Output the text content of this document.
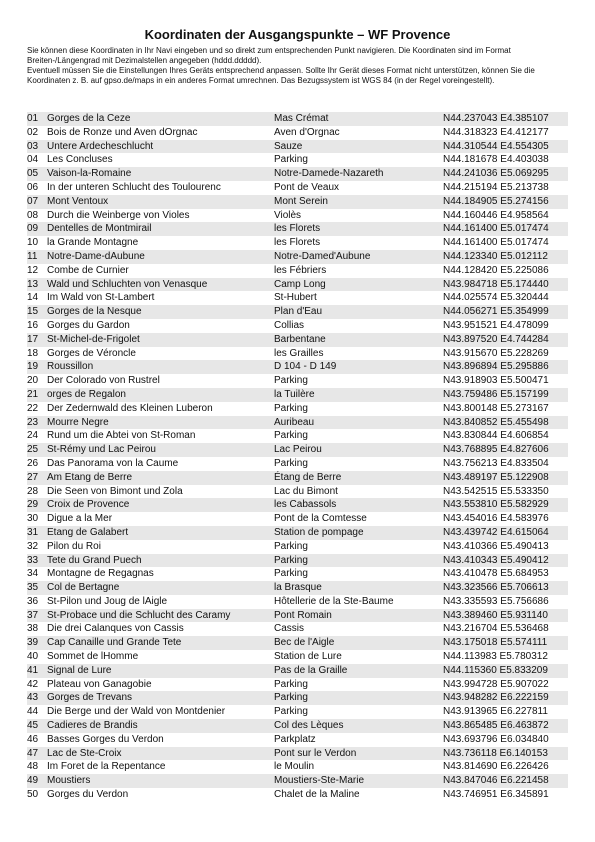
Koordinaten der Ausgangspunkte – WF Provence

Sie können diese Koordinaten in Ihr Navi eingeben und so direkt zum entsprechenden Punkt navigieren. Die Koordinaten sind im Format Breiten-/Längengrad mit Dezimalstellen angegeben (hddd.ddddd).

Eventuell müssen Sie die Einstellungen Ihres Geräts entsprechend anpassen. Sollte Ihr Gerät dieses Format nicht unterstützen, können Sie die Koordinaten z. B. auf gpso.de/maps in ein anderes Format umrechnen. Das Bezugssystem ist WGS 84 (in der Regel voreingestellt).

01 Gorges de la Ceze	Mas Crémat	N44.237043 E4.385107
02 Bois de Ronze und Aven dOrgnac	Aven d'Orgnac	N44.318323 E4.412177
03 Untere Ardecheschlucht	Sauze	N44.310544 E4.554305
04 Les Concluses	Parking	N44.181678 E4.403038
05 Vaison-la-Romaine	Notre-Damede-Nazareth	N44.241036 E5.069295
06 In der unteren Schlucht des Toulourenc	Pont de Veaux	N44.215194 E5.213738
07 Mont Ventoux	Mont Serein	N44.184905 E5.274156
08 Durch die Weinberge von Violes	Violès	N44.160446 E4.958564
09 Dentelles de Montmirail	les Florets	N44.161400 E5.017474
10 la Grande Montagne	les Florets	N44.161400 E5.017474
11 Notre-Dame-dAubune	Notre-Damed'Aubune	N44.123340 E5.012112
12 Combe de Curnier	les Fébriers	N44.128420 E5.225086
13 Wald und Schluchten von Venasque	Camp Long	N43.984718 E5.174440
14 Im Wald von St-Lambert	St-Hubert	N44.025574 E5.320444
15 Gorges de la Nesque	Plan d'Eau	N44.056271 E5.354999
16 Gorges du Gardon	Collias	N43.951521 E4.478099
17 St-Michel-de-Frigolet	Barbentane	N43.897520 E4.744284
18 Gorges de Véroncle	les Grailles	N43.915670 E5.228269
19 Roussillon	D 104 - D 149	N43.896894 E5.295886
20 Der Colorado von Rustrel	Parking	N43.918903 E5.500471
21 orges de Regalon	la Tuilère	N43.759486 E5.157199
22 Der Zedernwald des Kleinen Luberon	Parking	N43.800148 E5.273167
23 Mourre Negre	Auribeau	N43.840852 E5.455498
24 Rund um die Abtei von St-Roman	Parking	N43.830844 E4.606854
25 St-Rémy und Lac Peirou	Lac Peirou	N43.768895 E4.827606
26 Das Panorama von la Caume	Parking	N43.756213 E4.833504
27 Am Etang de Berre	Étang de Berre	N43.489197 E5.122908
28 Die Seen von Bimont und Zola	Lac du Bimont	N43.542515 E5.533350
29 Croix de Provence	les Cabassols	N43.553810 E5.582929
30 Digue a la Mer	Pont de la Comtesse	N43.454016 E4.583976
31 Etang de Galabert	Station de pompage	N43.439742 E4.615064
32 Pilon du Roi	Parking	N43.410366 E5.490413
33 Tete du Grand Puech	Parking	N43.410343 E5.490412
34 Montagne de Regagnas	Parking	N43.410478 E5.684953
35 Col de Bertagne	la Brasque	N43.323566 E5.706613
36 St-Pilon und Joug de lAigle	Hôtellerie de la Ste-Baume	N43.335593 E5.756686
37 St-Probace und die Schlucht des Caramy	Pont Romain	N43.389460 E5.931140
38 Die drei Calanques von Cassis	Cassis	N43.216704 E5.536468
39 Cap Canaille und Grande Tete	Bec de l'Aigle	N43.175018 E5.574111
40 Sommet de lHomme	Station de Lure	N44.113983 E5.780312
41 Signal de Lure	Pas de la Graille	N44.115360 E5.833209
42 Plateau von Ganagobie	Parking	N43.994728 E5.907022
43 Gorges de Trevans	Parking	N43.948282 E6.222159
44 Die Berge und der Wald von Montdenier	Parking	N43.913965 E6.227811
45 Cadieres de Brandis	Col des Lèques	N43.865485 E6.463872
46 Basses Gorges du Verdon	Parkplatz	N43.693796 E6.034840
47 Lac de Ste-Croix	Pont sur le Verdon	N43.736118 E6.140153
48 Im Foret de la Repentance	le Moulin	N43.814690 E6.226426
49 Moustiers	Moustiers-Ste-Marie	N43.847046 E6.221458
50 Gorges du Verdon	Chalet de la Maline	N43.746951 E6.345891
